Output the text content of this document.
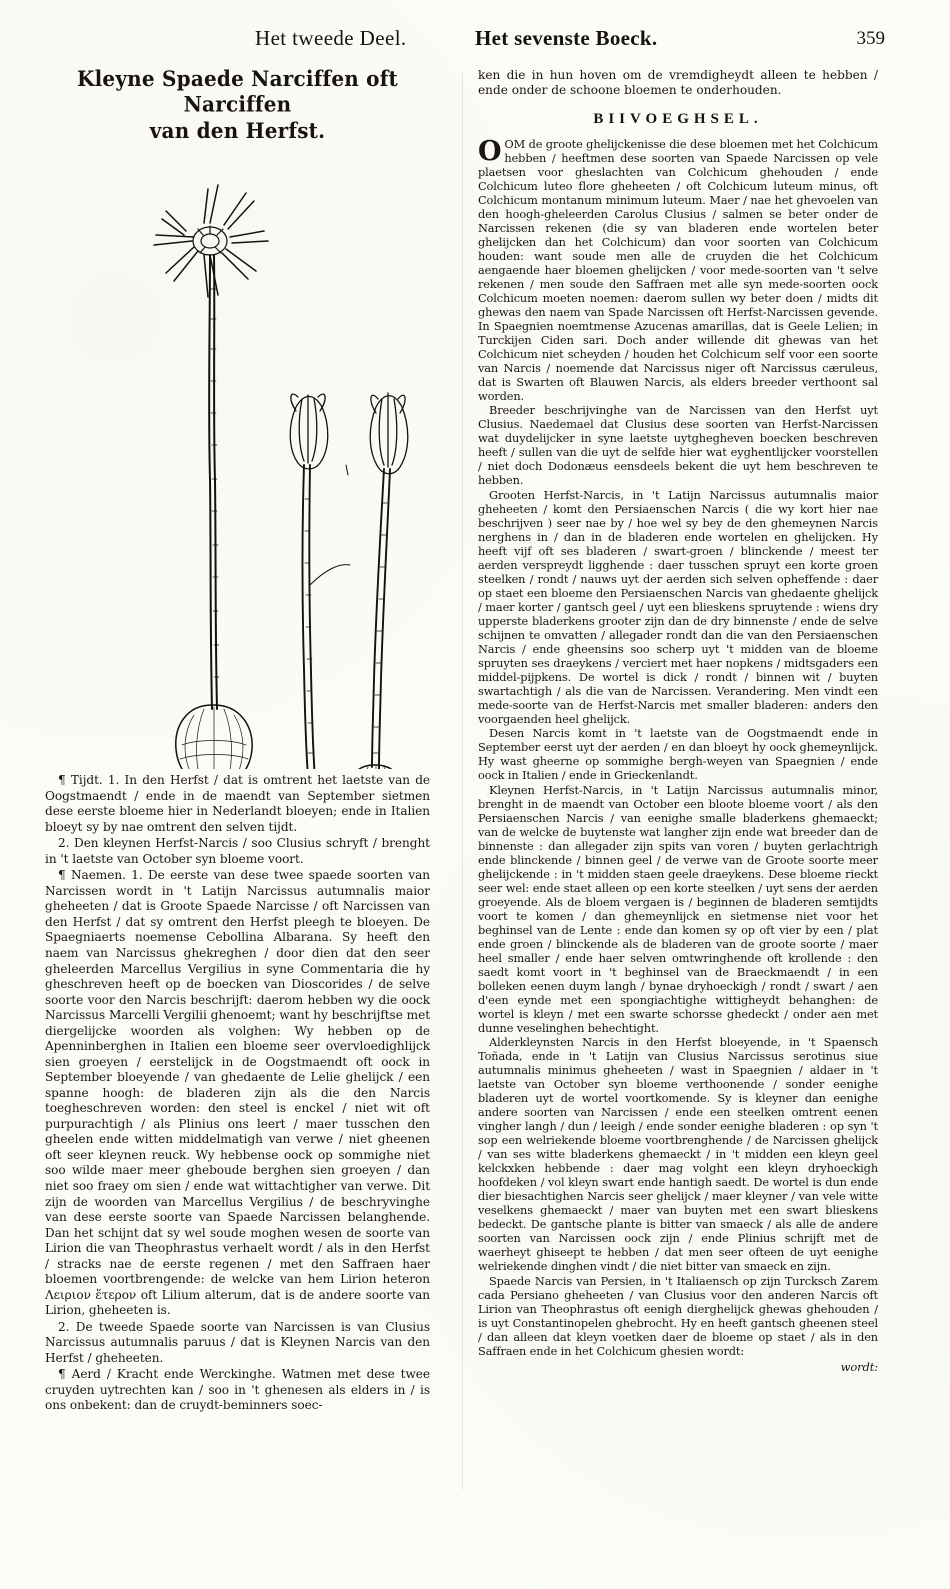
Het tweede Deel.	Het sevenste Boeck.	359
Kleyne Spaede Narciffen oft Narciffen
van den Herfst.

¶ Tijdt. 1. In den Herfst / dat is omtrent het laetste van de Oogstmaendt / ende in de maendt van September sietmen dese eerste bloeme hier in Nederlandt bloeyen; ende in Italien bloeyt sy by nae omtrent den selven tijdt.

2. Den kleynen Herfst-Narcis / soo Clusius schryft / brenght in 't laetste van October syn bloeme voort.

¶ Naemen. 1. De eerste van dese twee spaede soorten van Narcissen wordt in 't Latijn Narcissus autumnalis maior gheheeten / dat is Groote Spaede Narcisse / oft Narcissen van den Herfst / dat sy omtrent den Herfst pleegh te bloeyen. De Spaegniaerts noemense Cebollina Albarana. Sy heeft den naem van Narcissus ghekreghen / door dien dat den seer gheleerden Marcellus Vergilius in syne Commentaria die hy gheschreven heeft op de boecken van Dioscorides / de selve soorte voor den Narcis beschrijft: daerom hebben wy die oock Narcissus Marcelli Vergilii ghenoemt; want hy beschrijftse met diergelijcke woorden als volghen: Wy hebben op de Apenninberghen in Italien een bloeme seer overvloedighlijck sien groeyen / eerstelijck in de Oogstmaendt oft oock in September bloeyende / van ghedaente de Lelie ghelijck / een spanne hoogh: de bladeren zijn als die den Narcis toegheschreven worden: den steel is enckel / niet wit oft purpurachtigh / als Plinius ons leert / maer tusschen den gheelen ende witten middelmatigh van verwe / niet gheenen oft seer kleynen reuck. Wy hebbense oock op sommighe niet soo wilde maer meer gheboude berghen sien groeyen / dan niet soo fraey om sien / ende wat wittachtigher van verwe. Dit zijn de woorden van Marcellus Vergilius / de beschryvinghe van dese eerste soorte van Spaede Narcissen belanghende. Dan het schijnt dat sy wel soude moghen wesen de soorte van Lirion die van Theophrastus verhaelt wordt / als in den Herfst / stracks nae de eerste regenen / met den Saffraen haer bloemen voortbrengende: de welcke van hem Lirion heteron Λειριον ἕτερον oft Lilium alterum, dat is de andere soorte van Lirion, gheheeten is.

2. De tweede Spaede soorte van Narcissen is van Clusius Narcissus autumnalis paruus / dat is Kleynen Narcis van den Herfst / gheheeten.

¶ Aerd / Kracht ende Werckinghe. Watmen met dese twee cruyden uytrechten kan / soo in 't ghenesen als elders in / is ons onbekent: dan de cruydt-beminners soec-

ken die in hun hoven om de vremdigheydt alleen te hebben / ende onder de schoone bloemen te onderhouden.
BIIVOEGHSEL.

OOM de groote ghelijckenisse die dese bloemen met het Colchicum hebben / heeftmen dese soorten van Spaede Narcissen op vele plaetsen voor gheslachten van Colchicum ghehouden / ende Colchicum luteo flore gheheeten / oft Colchicum luteum minus, oft Colchicum montanum minimum luteum. Maer / nae het ghevoelen van den hoogh-gheleerden Carolus Clusius / salmen se beter onder de Narcissen rekenen (die sy van bladeren ende wortelen beter ghelijcken dan het Colchicum) dan voor soorten van Colchicum houden: want soude men alle de cruyden die het Colchicum aengaende haer bloemen ghelijcken / voor mede-soorten van 't selve rekenen / men soude den Saffraen met alle syn mede-soorten oock Colchicum moeten noemen: daerom sullen wy beter doen / midts dit ghewas den naem van Spade Narcissen oft Herfst-Narcissen gevende. In Spaegnien noemtmense Azucenas amarillas, dat is Geele Lelien; in Turckijen Ciden sari. Doch ander willende dit ghewas van het Colchicum niet scheyden / houden het Colchicum self voor een soorte van Narcis / noemende dat Narcissus niger oft Narcissus cæruleus, dat is Swarten oft Blauwen Narcis, als elders breeder verthoont sal worden.

Breeder beschrijvinghe van de Narcissen van den Herfst uyt Clusius. Naedemael dat Clusius dese soorten van Herfst-Narcissen wat duydelijcker in syne laetste uytghegheven boecken beschreven heeft / sullen van die uyt de selfde hier wat eyghentlijcker voorstellen / niet doch Dodonæus eensdeels bekent die uyt hem beschreven te hebben.

Grooten Herfst-Narcis, in 't Latijn Narcissus autumnalis maior gheheeten / komt den Persiaenschen Narcis ( die wy kort hier nae beschrijven ) seer nae by / hoe wel sy bey de den ghemeynen Narcis nerghens in / dan in de bladeren ende wortelen en ghelijcken. Hy heeft vijf oft ses bladeren / swart-groen / blinckende / meest ter aerden verspreydt ligghende : daer tusschen spruyt een korte groen steelken / rondt / nauws uyt der aerden sich selven opheffende : daer op staet een bloeme den Persiaenschen Narcis van ghedaente ghelijck / maer korter / gantsch geel / uyt een blieskens spruytende : wiens dry upperste bladerkens grooter zijn dan de dry binnenste / ende de selve schijnen te omvatten / allegader rondt dan die van den Persiaenschen Narcis / ende gheensins soo scherp uyt 't midden van de bloeme spruyten ses draeykens / verciert met haer nopkens / midtsgaders een middel-pijpkens. De wortel is dick / rondt / binnen wit / buyten swartachtigh / als die van de Narcissen. Verandering. Men vindt een mede-soorte van de Herfst-Narcis met smaller bladeren: anders den voorgaenden heel ghelijck.

Desen Narcis komt in 't laetste van de Oogstmaendt ende in September eerst uyt der aerden / en dan bloeyt hy oock ghemeynlijck. Hy wast gheerne op sommighe bergh-weyen van Spaegnien / ende oock in Italien / ende in Grieckenlandt.

Kleynen Herfst-Narcis, in 't Latijn Narcissus autumnalis minor, brenght in de maendt van October een bloote bloeme voort / als den Persiaenschen Narcis / van eenighe smalle bladerkens ghemaeckt; van de welcke de buytenste wat langher zijn ende wat breeder dan de binnenste : dan allegader zijn spits van voren / buyten gerlachtrigh ende blinckende / binnen geel / de verwe van de Groote soorte meer ghelijckende : in 't midden staen geele draeykens. Dese bloeme rieckt seer wel: ende staet alleen op een korte steelken / uyt sens der aerden groeyende. Als de bloem vergaen is / beginnen de bladeren semtijdts voort te komen / dan ghemeynlijck en sietmense niet voor het beghinsel van de Lente : ende dan komen sy op oft vier by een / plat ende groen / blinckende als de bladeren van de groote soorte / maer heel smaller / ende haer selven omtwringhende oft krollende : den saedt komt voort in 't beghinsel van de Braeckmaendt / in een bolleken eenen duym langh / bynae dryhoeckigh / rondt / swart / aen d'een eynde met een spongiachtighe wittigheydt behanghen: de wortel is kleyn / met een swarte schorsse ghedeckt / onder aen met dunne veselinghen behechtight.

Alderkleynsten Narcis in den Herfst bloeyende, in 't Spaensch Toñada, ende in 't Latijn van Clusius Narcissus serotinus siue autumnalis minimus gheheeten / wast in Spaegnien / aldaer in 't laetste van October syn bloeme verthoonende / sonder eenighe bladeren uyt de wortel voortkomende. Sy is kleyner dan eenighe andere soorten van Narcissen / ende een steelken omtrent eenen vingher langh / dun / leeigh / ende sonder eenighe bladeren : op syn 't sop een welriekende bloeme voortbrenghende / de Narcissen ghelijck / van ses witte bladerkens ghemaeckt / in 't midden een kleyn geel kelckxken hebbende : daer mag volght een kleyn dryhoeckigh hoofdeken / vol kleyn swart ende hantigh saedt. De wortel is dun ende dier biesachtighen Narcis seer ghelijck / maer kleyner / van vele witte veselkens ghemaeckt / maer van buyten met een swart blieskens bedeckt. De gantsche plante is bitter van smaeck / als alle de andere soorten van Narcissen oock zijn / ende Plinius schrijft met de waerheyt ghiseept te hebben / dat men seer ofteen de uyt eenighe welriekende dinghen vindt / die niet bitter van smaeck en zijn.

Spaede Narcis van Persien, in 't Italiaensch op zijn Turcksch Zarem cada Persiano gheheeten / van Clusius voor den anderen Narcis oft Lirion van Theophrastus oft eenigh dierghelijck ghewas ghehouden / is uyt Constantinopelen ghebrocht. Hy en heeft gantsch gheenen steel / dan alleen dat kleyn voetken daer de bloeme op staet / als in den Saffraen ende in het Colchicum ghesien wordt:

wordt:
